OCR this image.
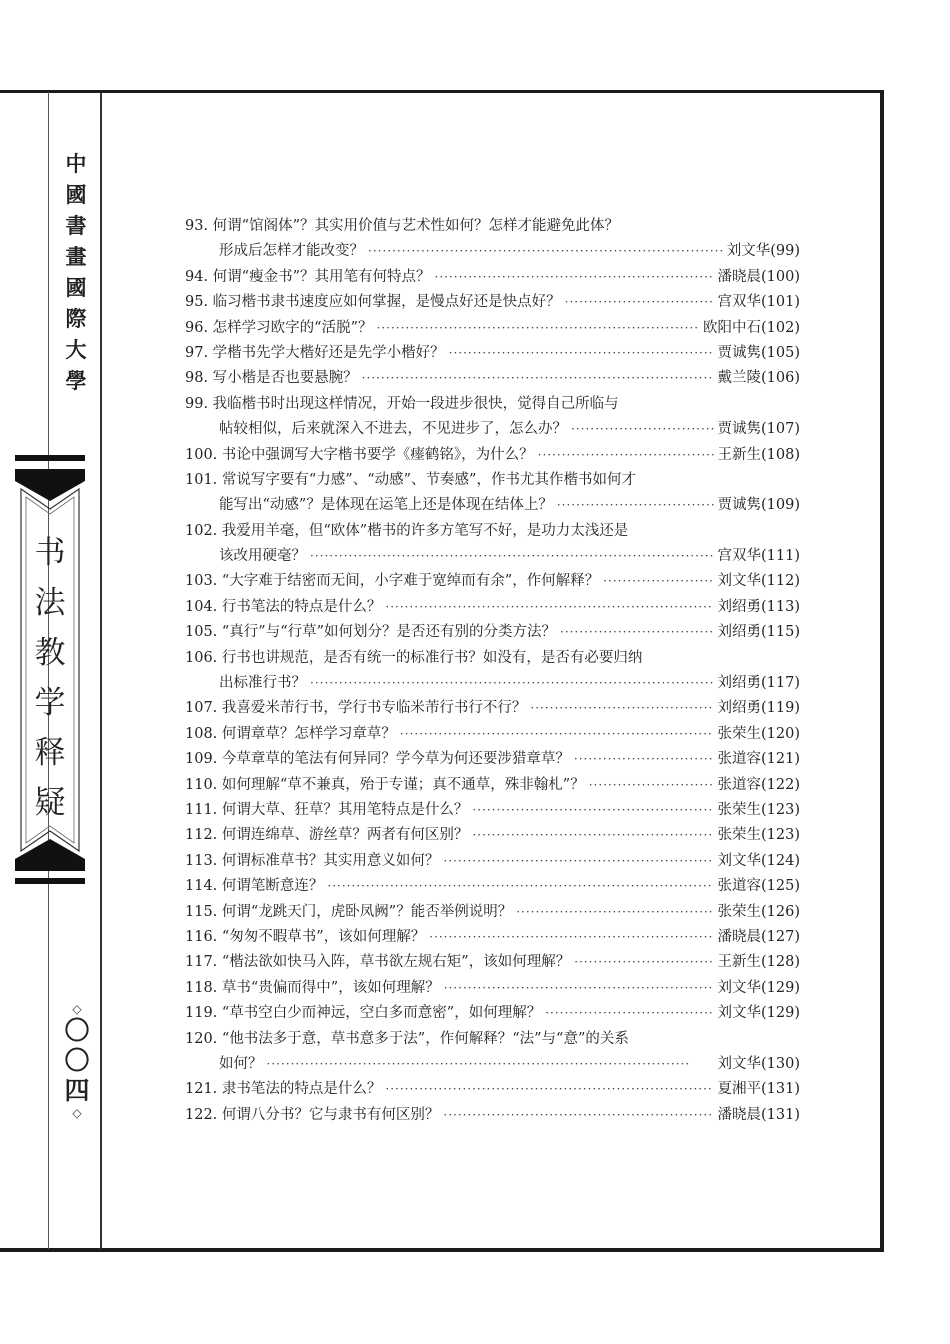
中國書畫國際大學
书法教学释疑
◇
〇
〇
四
◇
93. 何谓“馆阁体”？其实用价值与艺术性如何？怎样才能避免此体？
形成后怎样才能改变？ ·····	刘文华(99)
94. 何谓“瘦金书”？其用笔有何特点？ ·····	潘晓晨(100)
95. 临习楷书隶书速度应如何掌握，是慢点好还是快点好？ ·····	宫双华(101)
96. 怎样学习欧字的“活脱”？ ·····	欧阳中石(102)
97. 学楷书先学大楷好还是先学小楷好？ ·····	贾诚隽(105)
98. 写小楷是否也要悬腕？ ·····	戴兰陵(106)
99. 我临楷书时出现这样情况，开始一段进步很快，觉得自己所临与
帖较相似，后来就深入不进去，不见进步了，怎么办？ ·····	贾诚隽(107)
100. 书论中强调写大字楷书要学《瘗鹤铭》，为什么？ ·····	王新生(108)
101. 常说写字要有“力感”、“动感”、节奏感”，作书尤其作楷书如何才
能写出“动感”？是体现在运笔上还是体现在结体上？ ·····	贾诚隽(109)
102. 我爱用羊毫，但“欧体”楷书的许多方笔写不好，是功力太浅还是
该改用硬毫？ ·····	宫双华(111)
103. “大字难于结密而无间，小字难于宽绰而有余”，作何解释？ ·····	刘文华(112)
104. 行书笔法的特点是什么？ ·····	刘绍勇(113)
105. “真行”与“行草”如何划分？是否还有别的分类方法？ ·····	刘绍勇(115)
106. 行书也讲规范，是否有统一的标准行书？如没有，是否有必要归纳
出标准行书？ ·····	刘绍勇(117)
107. 我喜爱米芾行书，学行书专临米芾行书行不行？ ·····	刘绍勇(119)
108. 何谓章草？怎样学习章草？ ·····	张荣生(120)
109. 今草章草的笔法有何异同？学今草为何还要涉猎章草？ ·····	张道容(121)
110. 如何理解“草不兼真，殆于专谨；真不通草，殊非翰札”？ ·····	张道容(122)
111. 何谓大草、狂草？其用笔特点是什么？ ·····	张荣生(123)
112. 何谓连绵草、游丝草？两者有何区别？ ·····	张荣生(123)
113. 何谓标准草书？其实用意义如何？ ·····	刘文华(124)
114. 何谓笔断意连？ ·····	张道容(125)
115. 何谓“龙跳天门，虎卧凤阙”？能否举例说明？ ·····	张荣生(126)
116. “匆匆不暇草书”，该如何理解？ ·····	潘晓晨(127)
117. “楷法欲如快马入阵，草书欲左规右矩”，该如何理解？ ·····	王新生(128)
118. 草书“贵偏而得中”，该如何理解？ ·····	刘文华(129)
119. “草书空白少而神远，空白多而意密”，如何理解？ ·····	刘文华(129)
120. “他书法多于意，草书意多于法”，作何解释？“法”与“意”的关系
如何？ ·····	刘文华(130)
121. 隶书笔法的特点是什么？ ·····	夏湘平(131)
122. 何谓八分书？它与隶书有何区别？ ·····	潘晓晨(131)
